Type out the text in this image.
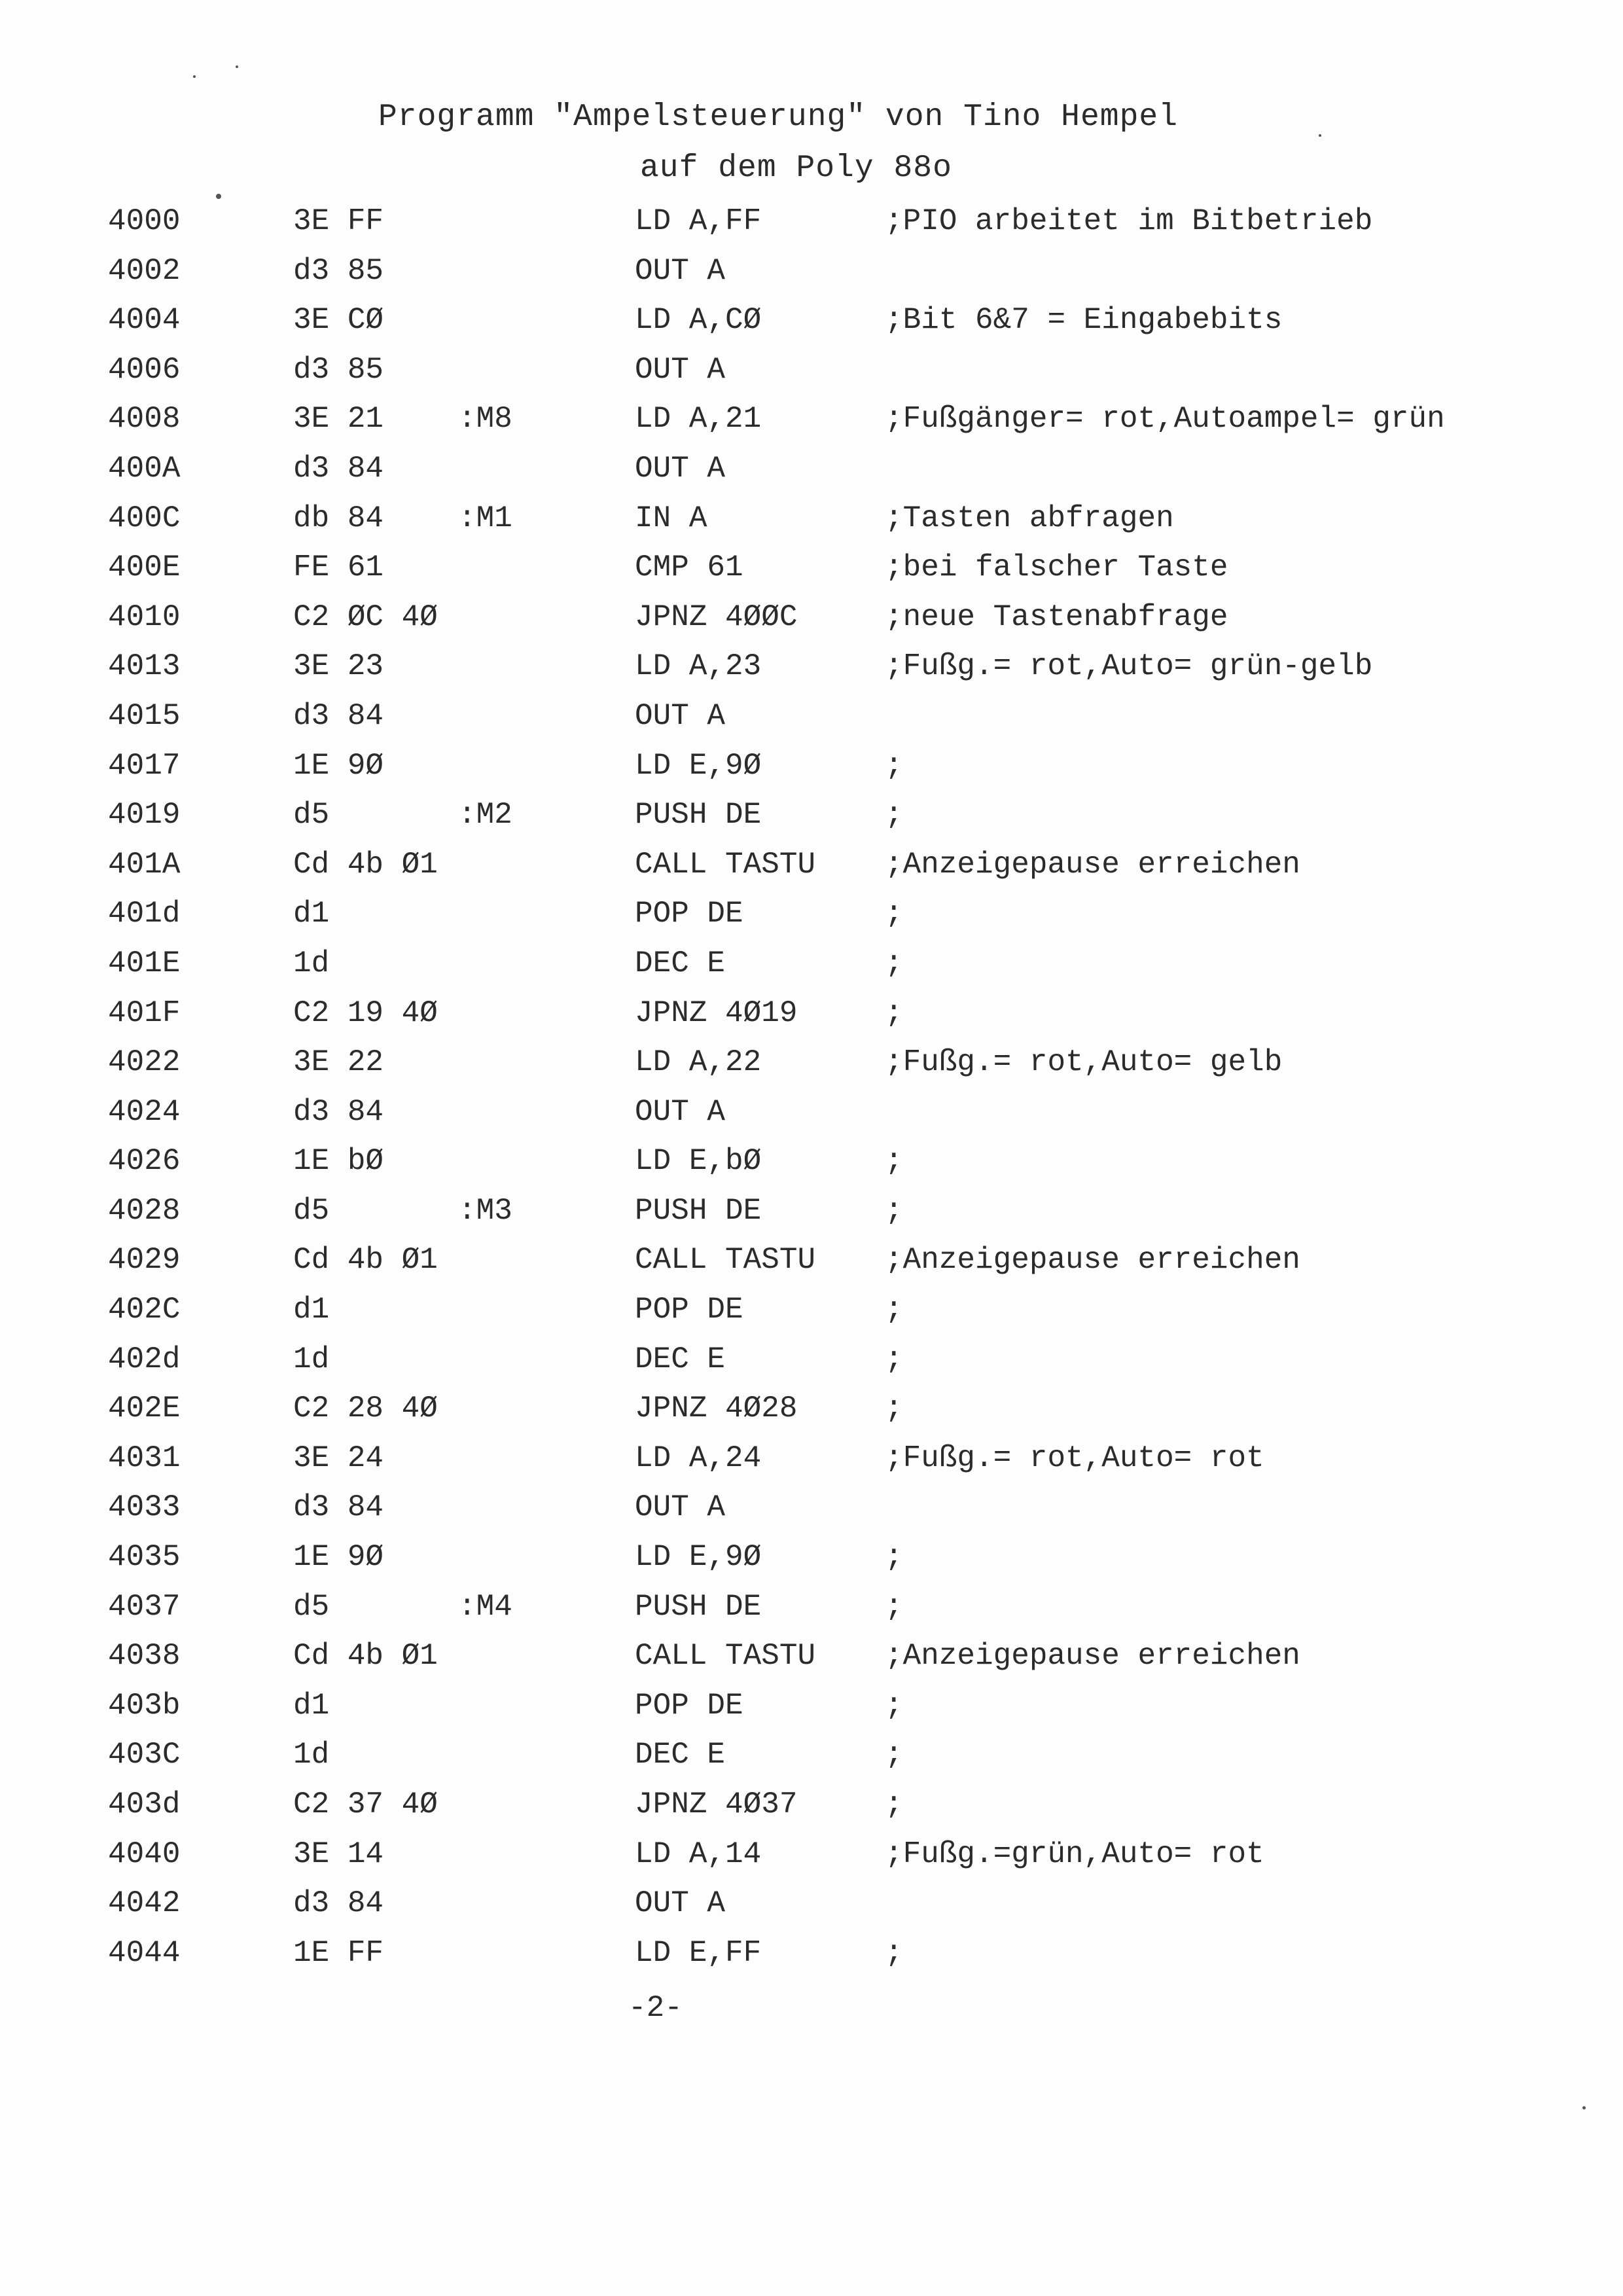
Programm "Ampelsteuerung" von Tino Hempel
auf dem Poly 88o
4000	3E FF	LD A,FF	;PIO arbeitet im Bitbetrieb
4002	d3 85	OUT A
4004	3E CØ	LD A,CØ	;Bit 6&7 = Eingabebits
4006	d3 85	OUT A
4008	3E 21 :M8	LD A,21	;Fußgänger= rot,Autoampel= grün
400A	d3 84	OUT A
400C	db 84 :M1	IN A	;Tasten abfragen
400E	FE 61	CMP 61	;bei falscher Taste
4010	C2 ØC 4Ø	JPNZ 4ØØC	;neue Tastenabfrage
4013	3E 23	LD A,23	;Fußg.= rot,Auto= grün-gelb
4015	d3 84	OUT A
4017	1E 9Ø	LD E,9Ø	;
4019	d5	:M2	PUSH DE	;
401A	Cd 4b Ø1	CALL TASTU ;Anzeigepause erreichen
401d	d1	POP DE	;
401E	1d	DEC E	;
401F	C2 19 4Ø	JPNZ 4Ø19	;
4022	3E 22	LD A,22	;Fußg.= rot,Auto= gelb
4024	d3 84	OUT A
4026	1E bØ	LD E,bØ	;
4028	d5	:M3	PUSH DE	;
4029	Cd 4b Ø1	CALL TASTU ;Anzeigepause erreichen
402C	d1	POP DE	;
402d	1d	DEC E	;
402E	C2 28 4Ø	JPNZ 4Ø28	;
4031	3E 24	LD A,24	;Fußg.= rot,Auto= rot
4033	d3 84	OUT A
4035	1E 9Ø	LD E,9Ø	;
4037	d5	:M4	PUSH DE	;
4038	Cd 4b Ø1	CALL TASTU ;Anzeigepause erreichen
403b	d1	POP DE	;
403C	1d	DEC E	;
403d	C2 37 4Ø	JPNZ 4Ø37	;
4040	3E 14	LD A,14	;Fußg.=grün,Auto= rot
4042	d3 84	OUT A
4044	1E FF	LD E,FF	;
-2-
